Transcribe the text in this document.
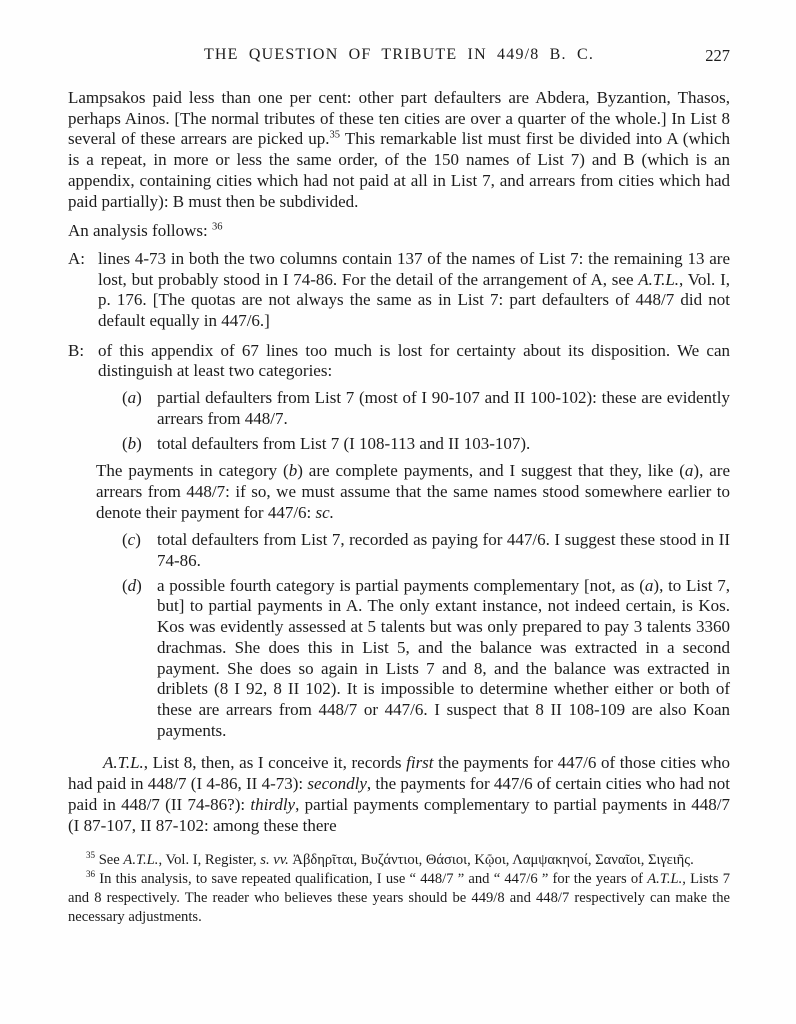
THE QUESTION OF TRIBUTE IN 449/8 B. C.	227

Lampsakos paid less than one per cent: other part defaulters are Abdera, Byzantion, Thasos, perhaps Ainos. [The normal tributes of these ten cities are over a quarter of the whole.] In List 8 several of these arrears are picked up.$^{35}$ This remarkable list must first be divided into A (which is a repeat, in more or less the same order, of the 150 names of List 7) and B (which is an appendix, containing cities which had not paid at all in List 7, and arrears from cities which had paid partially): B must then be subdivided.

An analysis follows: $^{36}$

A: lines 4-73 in both the two columns contain 137 of the names of List 7: the remaining 13 are lost, but probably stood in I 74-86. For the detail of the arrangement of A, see A.T.L., Vol. I, p. 176. [The quotas are not always the same as in List 7: part defaulters of 448/7 did not default equally in 447/6.]
B: of this appendix of 67 lines too much is lost for certainty about its disposition. We can distinguish at least two categories:
(a) partial defaulters from List 7 (most of I 90-107 and II 100-102): these are evidently arrears from 448/7.
(b) total defaulters from List 7 (I 108-113 and II 103-107).

The payments in category (b) are complete payments, and I suggest that they, like (a), are arrears from 448/7: if so, we must assume that the same names stood somewhere earlier to denote their payment for 447/6: sc.

(c) total defaulters from List 7, recorded as paying for 447/6. I suggest these stood in II 74-86.
(d) a possible fourth category is partial payments complementary [not, as (a), to List 7, but] to partial payments in A. The only extant instance, not indeed certain, is Kos. Kos was evidently assessed at 5 talents but was only prepared to pay 3 talents 3360 drachmas. She does this in List 5, and the balance was extracted in a second payment. She does so again in Lists 7 and 8, and the balance was extracted in driblets (8 I 92, 8 II 102). It is impossible to determine whether either or both of these are arrears from 448/7 or 447/6. I suspect that 8 II 108-109 are also Koan payments.

A.T.L., List 8, then, as I conceive it, records first the payments for 447/6 of those cities who had paid in 448/7 (I 4-86, II 4-73): secondly, the payments for 447/6 of certain cities who had not paid in 448/7 (II 74-86?): thirdly, partial payments complementary to partial payments in 448/7 (I 87-107, II 87-102: among these there

$^{35}$ See A.T.L., Vol. I, Register, s. vv. Ἀβδηρῖται, Βυζάντιοι, Θάσιοι, Κῷοι, Λαμψακηνοί, Σαναῖοι, Σιγειῆς.

$^{36}$ In this analysis, to save repeated qualification, I use “ 448/7 ” and “ 447/6 ” for the years of A.T.L., Lists 7 and 8 respectively. The reader who believes these years should be 449/8 and 448/7 respectively can make the necessary adjustments.
